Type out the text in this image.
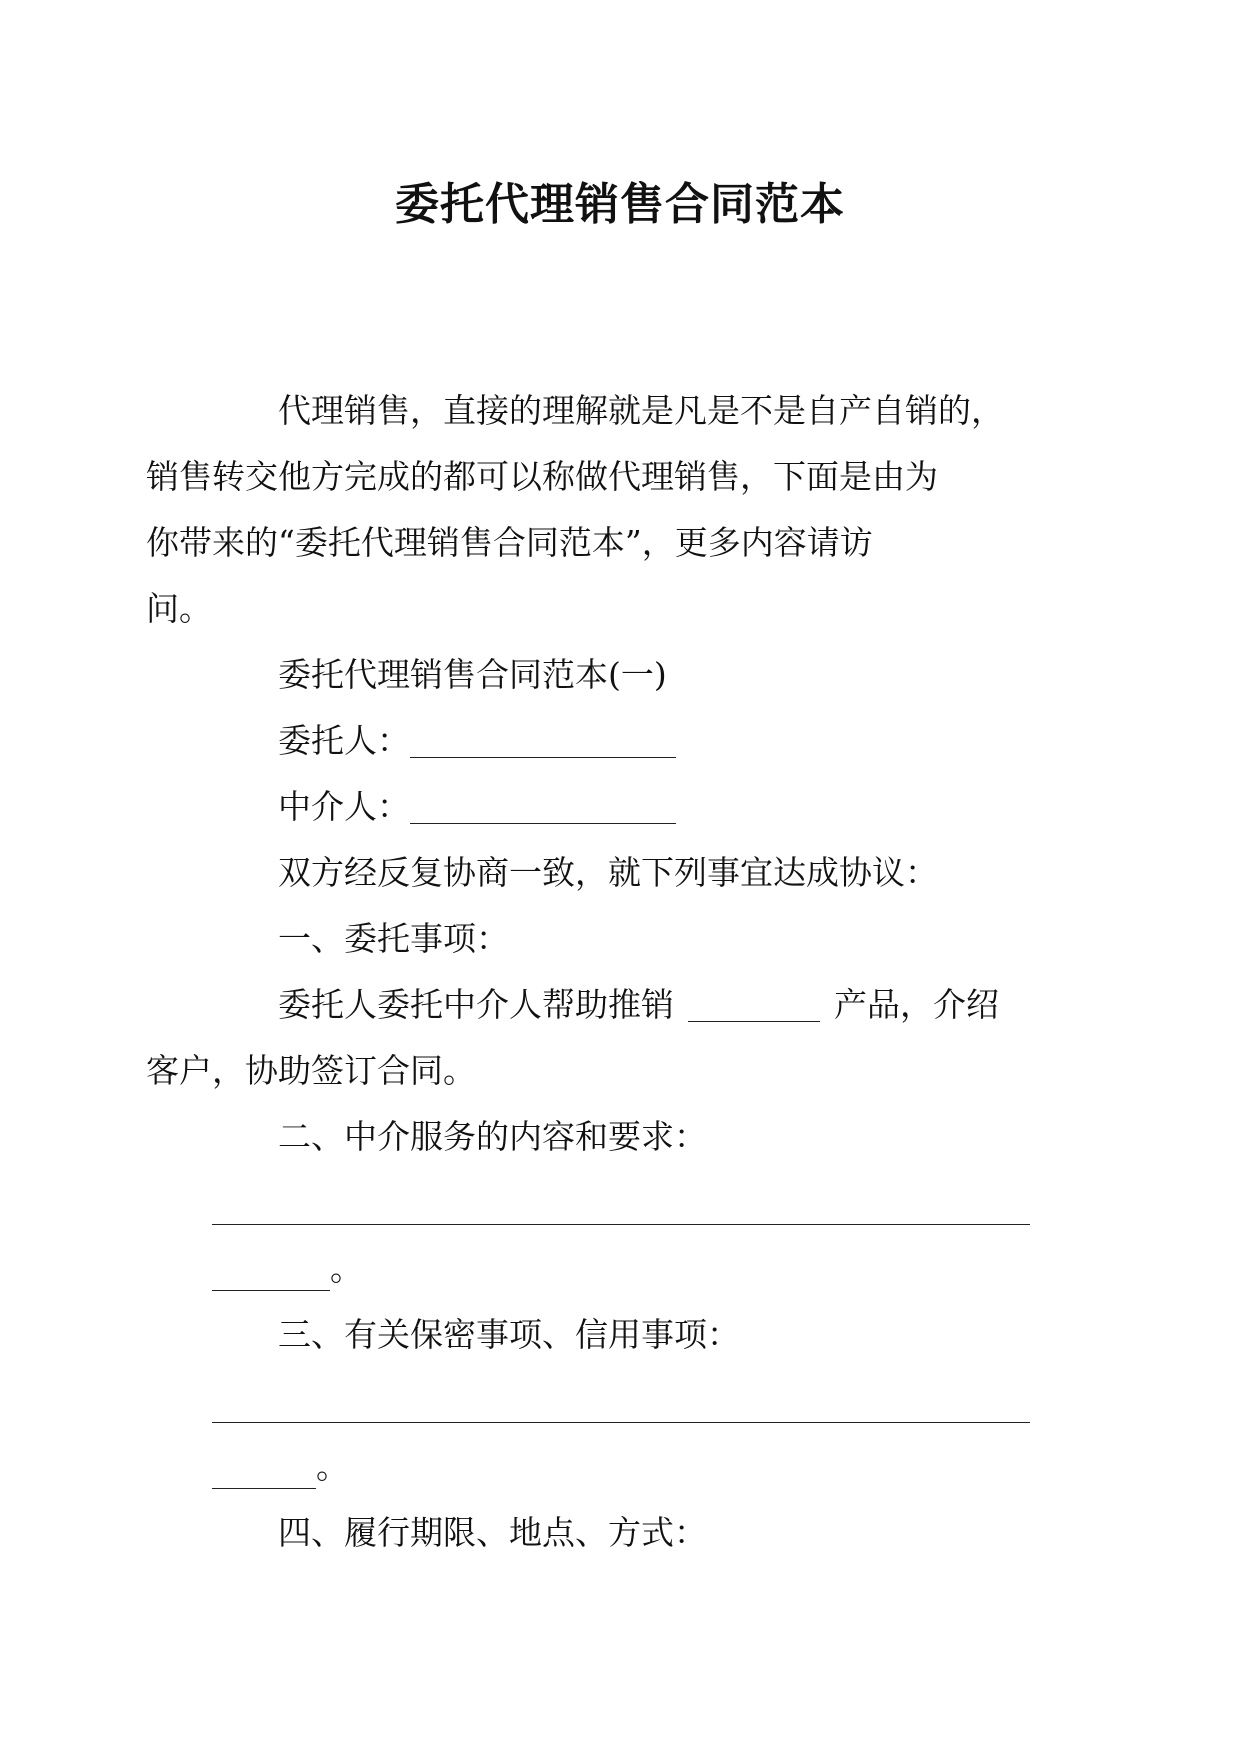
委托代理销售合同范本

代理销售，直接的理解就是凡是不是自产自销的，
销售转交他方完成的都可以称做代理销售，下面是由为
你带来的“委托代理销售合同范本”，更多内容请访
问。

委托代理销售合同范本(一)

委托人：

中介人：

双方经反复协商一致，就下列事宜达成协议：

一、委托事项：

委托人委托中介人帮助推销	产品，介绍
客户，协助签订合同。

二、中介服务的内容和要求：

。

三、有关保密事项、信用事项：

。

四、履行期限、地点、方式：
